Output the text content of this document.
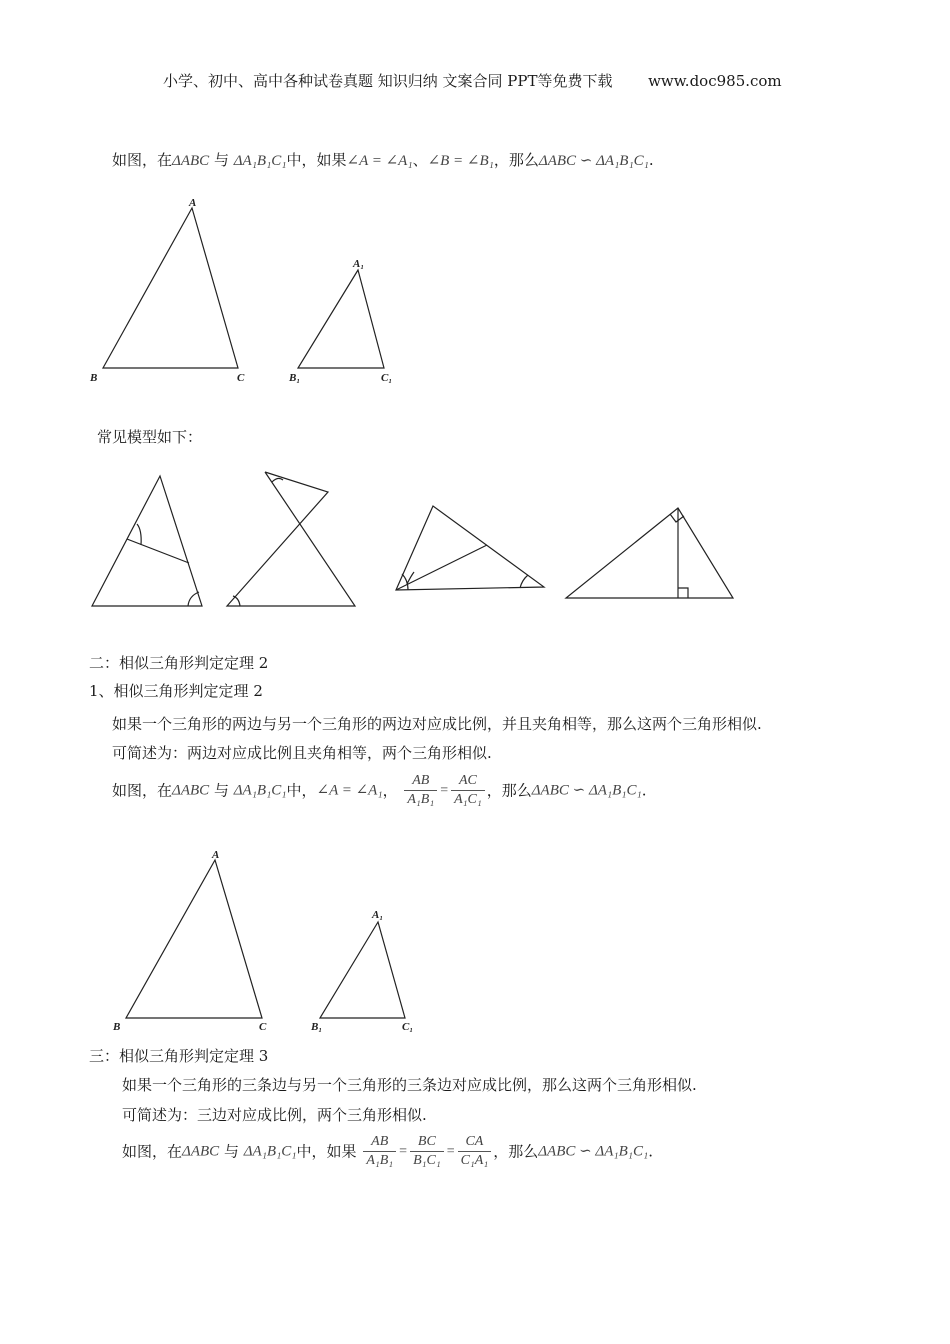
小学、初中、高中各种试卷真题 知识归纳 文案合同 PPT等免费下载 www.doc985.com
如图，在ΔABC 与 ΔA₁B₁C₁中，如果∠A = ∠A₁、∠B = ∠B₁，那么ΔABC ∽ ΔA₁B₁C₁.
A
B	C
A₁
B₁	C₁
常见模型如下：
二：相似三角形判定定理 2
1、相似三角形判定定理 2
如果一个三角形的两边与另一个三角形的两边对应成比例，并且夹角相等，那么这两个三角形相似.
可简述为：两边对应成比例且夹角相等，两个三角形相似.
如图，在ΔABC 与 ΔA₁B₁C₁中，∠A = ∠A₁， $\frac{AB}{\text{A₁B₁}} = \frac{AC}{\text{A₁C₁}}$ ，那么ΔABC ∽ ΔA₁B₁C₁.
A
B	C
A₁
B₁	C₁
三：相似三角形判定定理 3
如果一个三角形的三条边与另一个三角形的三条边对应成比例，那么这两个三角形相似.
可简述为：三边对应成比例，两个三角形相似.
如图，在ΔABC 与 ΔA₁B₁C₁中，如果 $\frac{AB}{\text{A₁B₁}} = \frac{BC}{\text{B₁C₁}} = \frac{CA}{\text{C₁A₁}}$ ，那么ΔABC ∽ ΔA₁B₁C₁.
